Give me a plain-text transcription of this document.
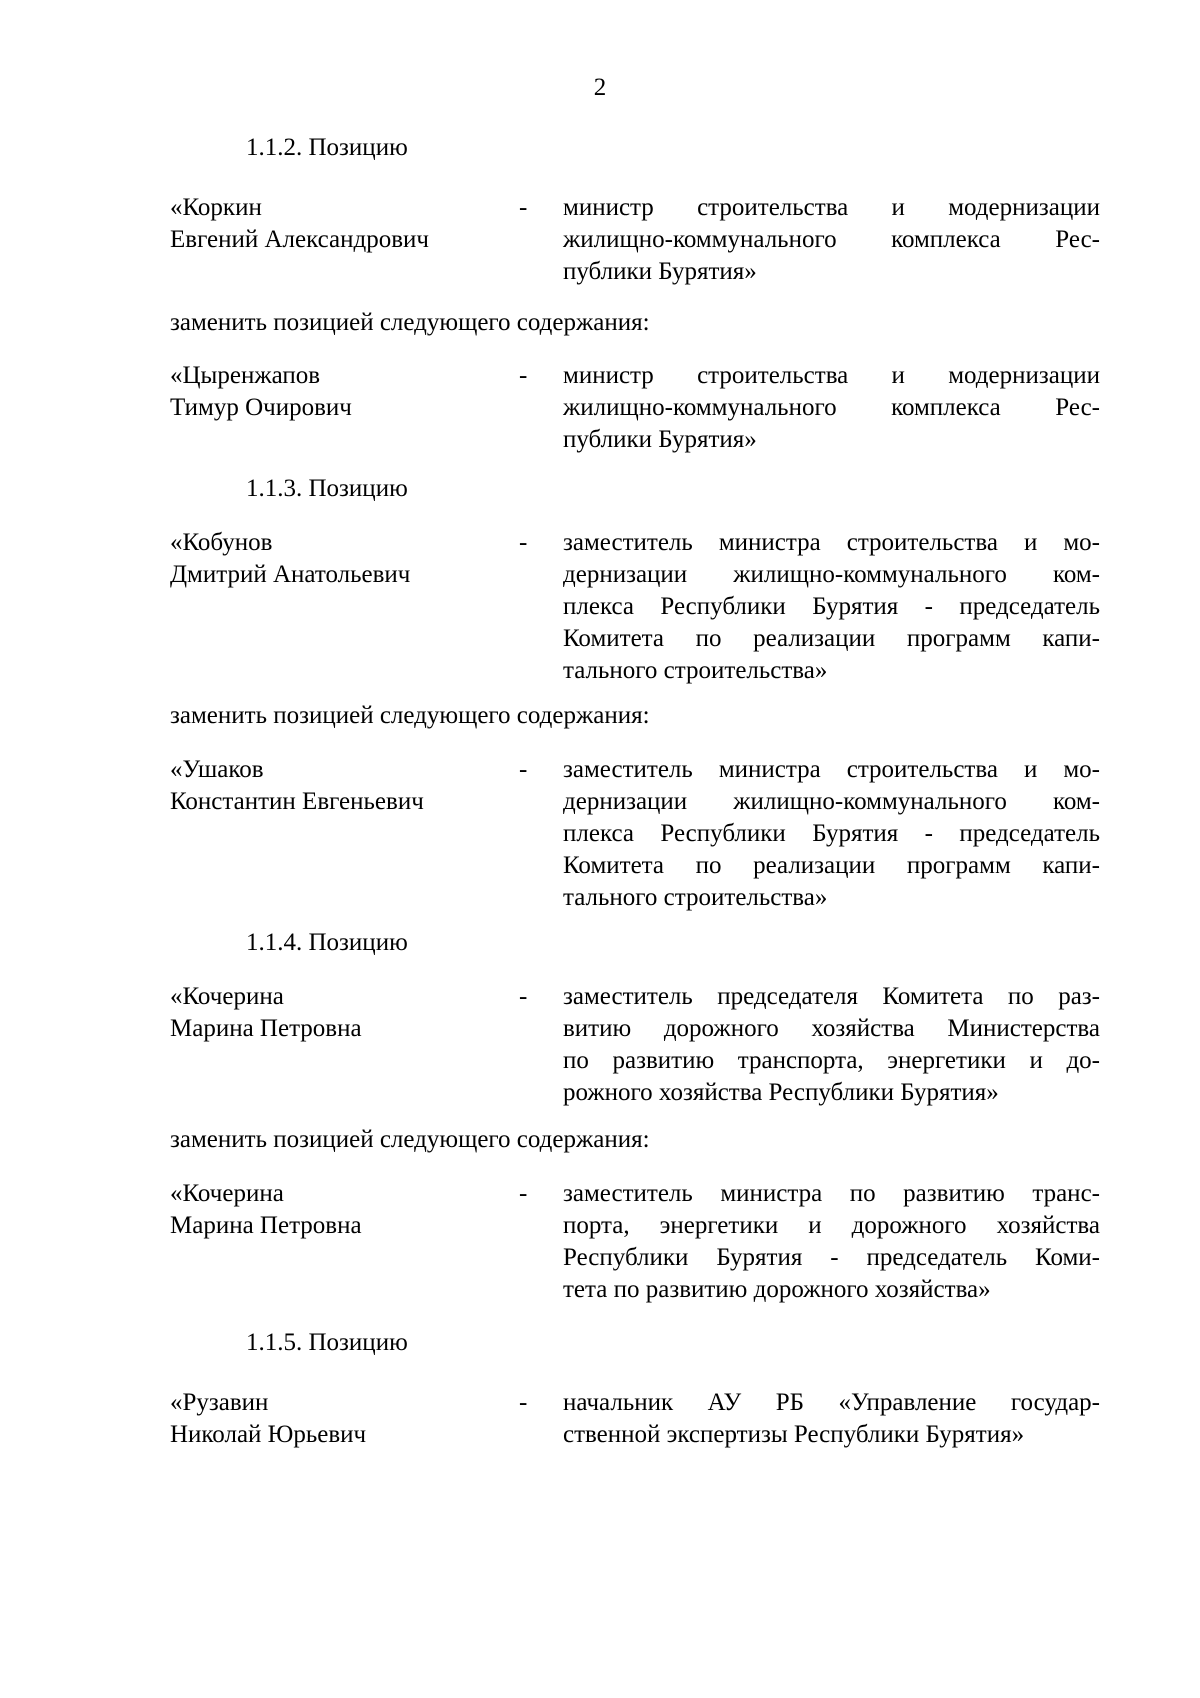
2
1.1.2. Позицию
«Коркин
Евгений Александрович
- министр строительства и модернизации
жилищно-коммунального комплекса Рес-
публики Бурятия»
заменить позицией следующего содержания:
«Цыренжапов
Тимур Очирович
- министр строительства и модернизации
жилищно-коммунального комплекса Рес-
публики Бурятия»
1.1.3. Позицию
«Кобунов
Дмитрий Анатольевич
- заместитель министра строительства и мо-
дернизации жилищно-коммунального ком-
плекса Республики Бурятия - председатель
Комитета по реализации программ капи-
тального строительства»
заменить позицией следующего содержания:
«Ушаков
Константин Евгеньевич
- заместитель министра строительства и мо-
дернизации жилищно-коммунального ком-
плекса Республики Бурятия - председатель
Комитета по реализации программ капи-
тального строительства»
1.1.4. Позицию
«Кочерина
Марина Петровна
- заместитель председателя Комитета по раз-
витию дорожного хозяйства Министерства
по развитию транспорта, энергетики и до-
рожного хозяйства Республики Бурятия»
заменить позицией следующего содержания:
«Кочерина
Марина Петровна
- заместитель министра по развитию транс-
порта, энергетики и дорожного хозяйства
Республики Бурятия - председатель Коми-
тета по развитию дорожного хозяйства»
1.1.5. Позицию
«Рузавин
Николай Юрьевич
- начальник АУ РБ «Управление государ-
ственной экспертизы Республики Бурятия»
